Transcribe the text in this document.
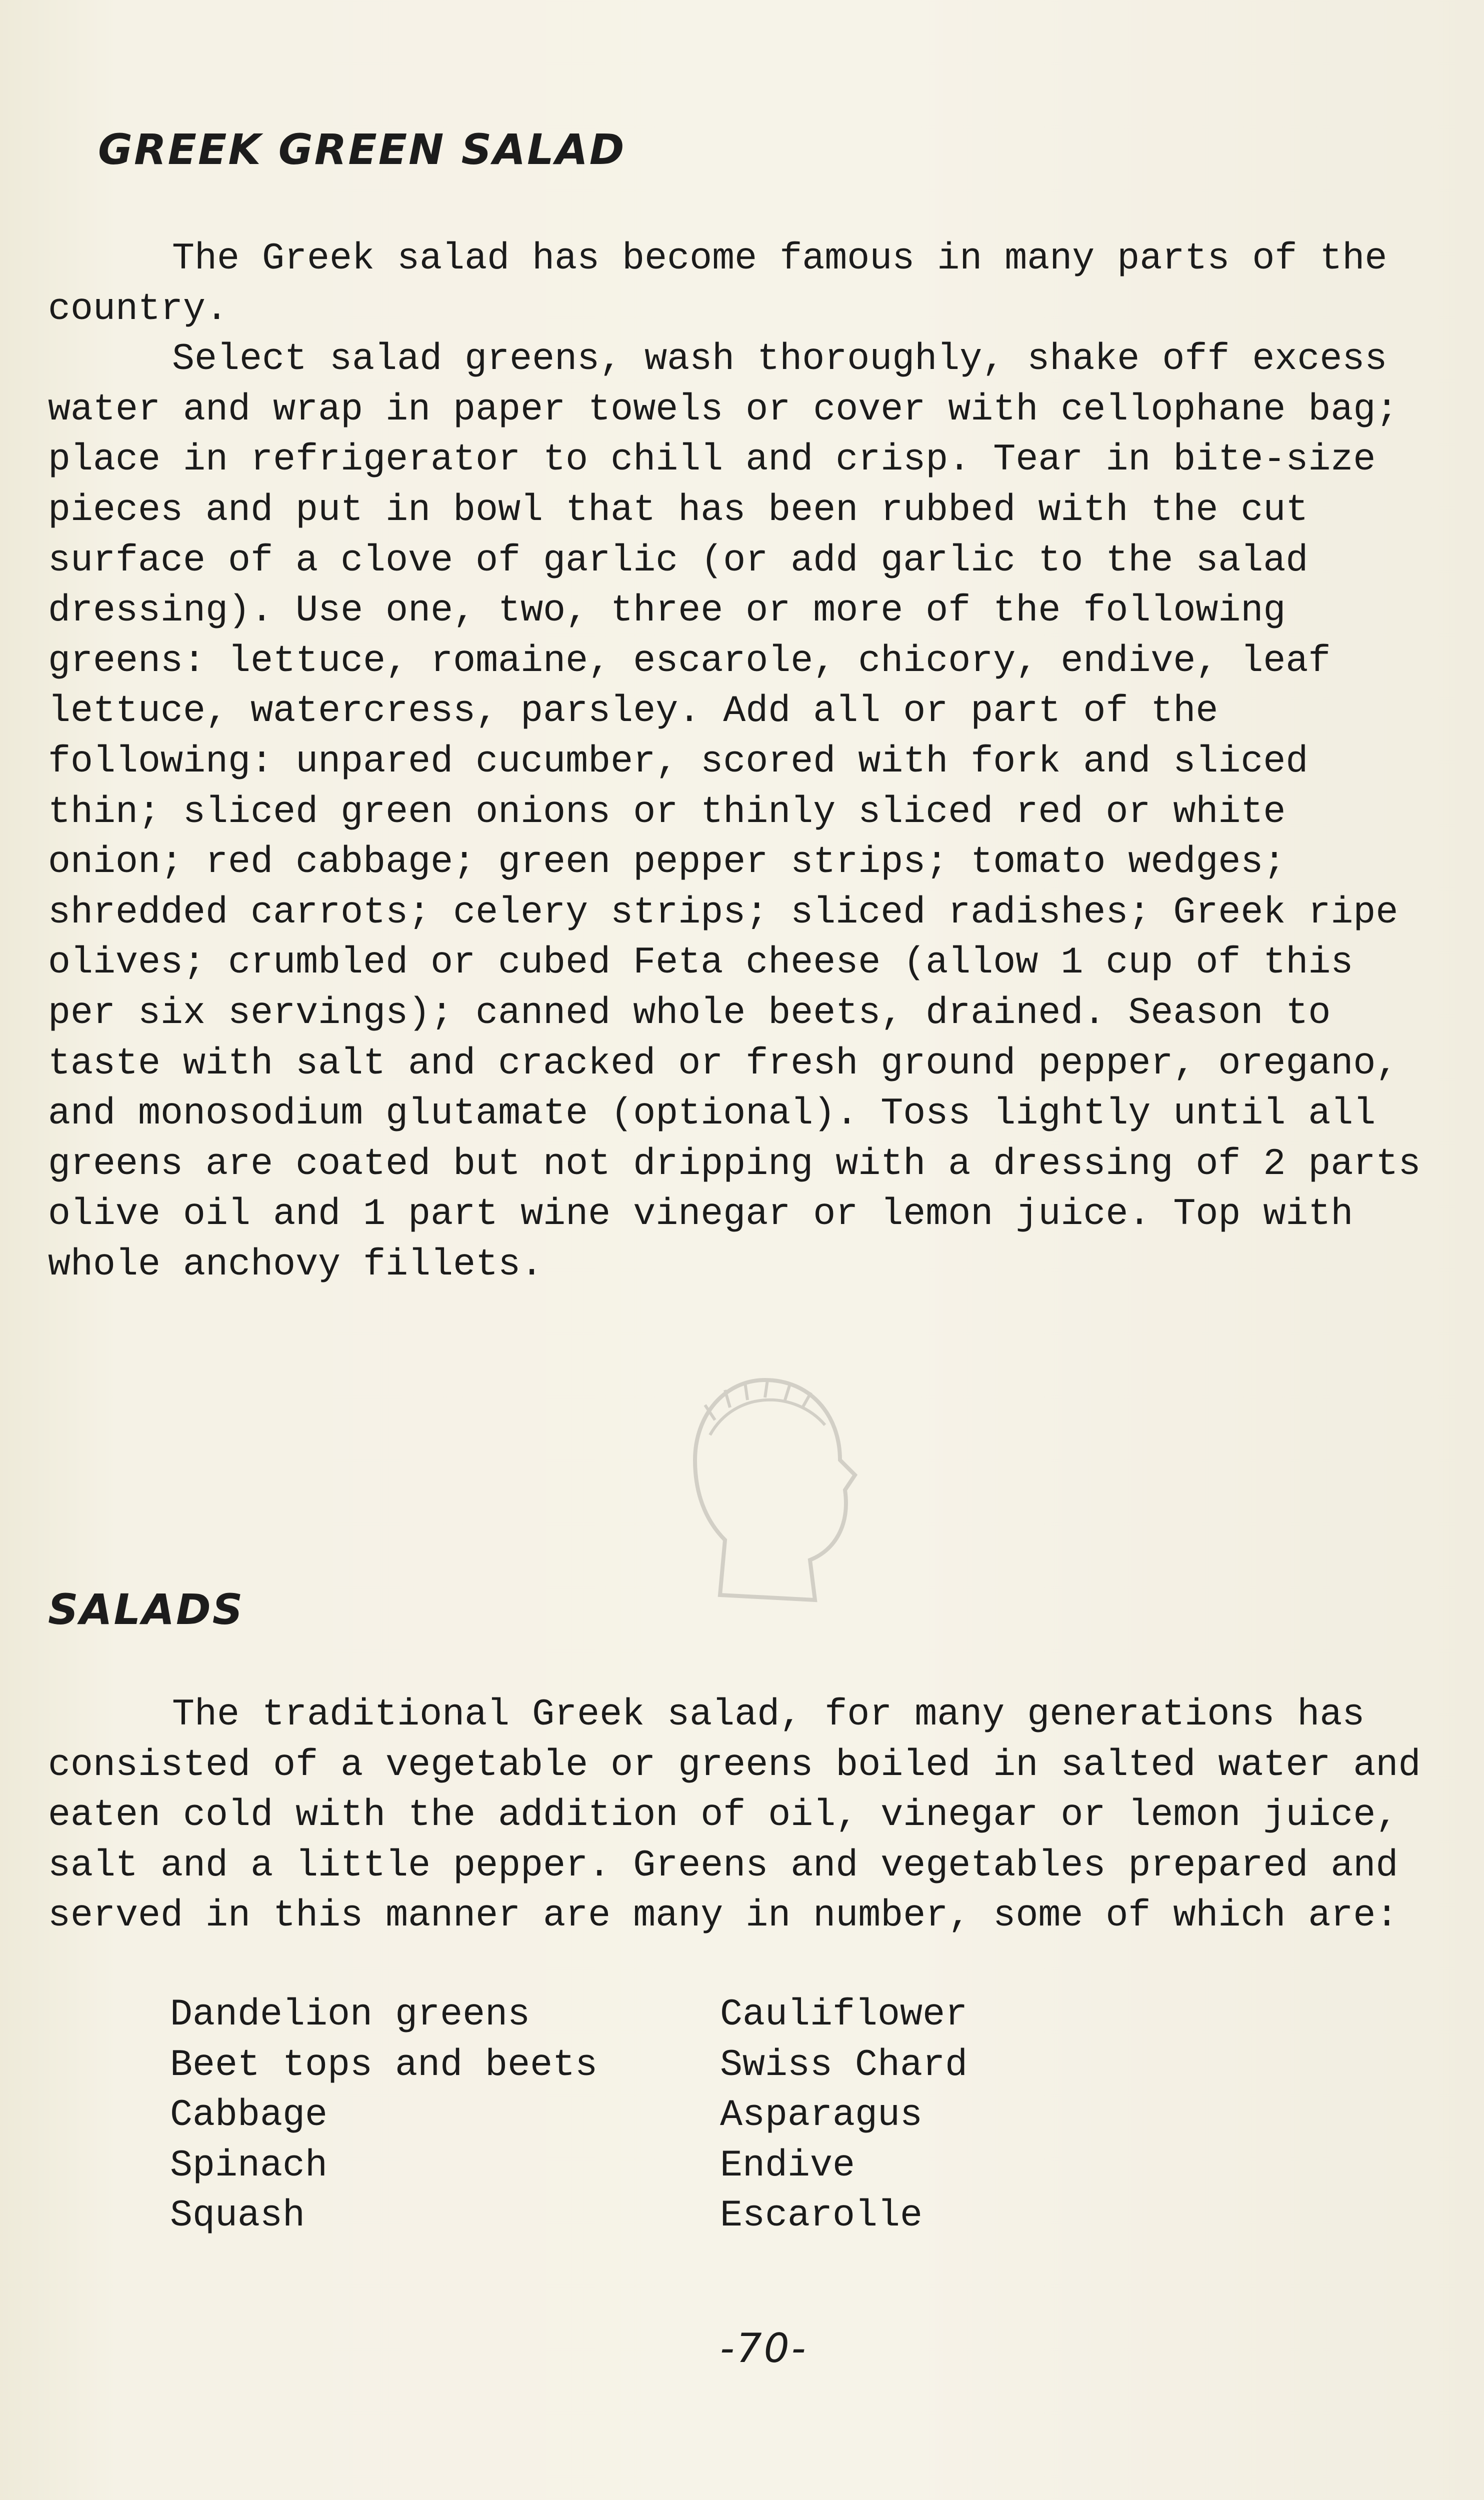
GREEK GREEN SALAD

The Greek salad has become famous in many parts of the country.

Select salad greens, wash thoroughly, shake off excess water and wrap in paper towels or cover with cellophane bag; place in refrigerator to chill and crisp. Tear in bite-size pieces and put in bowl that has been rubbed with the cut surface of a clove of garlic (or add garlic to the salad dressing). Use one, two, three or more of the following greens: lettuce, romaine, escarole, chicory, endive, leaf lettuce, watercress, parsley. Add all or part of the following: unpared cucumber, scored with fork and sliced thin; sliced green onions or thinly sliced red or white onion; red cabbage; green pepper strips; tomato wedges; shredded carrots; celery strips; sliced radishes; Greek ripe olives; crumbled or cubed Feta cheese (allow 1 cup of this per six servings); canned whole beets, drained. Season to taste with salt and cracked or fresh ground pepper, oregano, and monosodium glutamate (optional). Toss lightly until all greens are coated but not dripping with a dressing of 2 parts olive oil and 1 part wine vinegar or lemon juice. Top with whole anchovy fillets.

SALADS

The traditional Greek salad, for many generations has consisted of a vegetable or greens boiled in salted water and eaten cold with the addition of oil, vinegar or lemon juice, salt and a little pepper. Greens and vegetables prepared and served in this manner are many in number, some of which are:

Dandelion greens
Beet tops and beets
Cabbage
Spinach
Squash
Cauliflower
Swiss Chard
Asparagus
Endive
Escarolle
-70-
